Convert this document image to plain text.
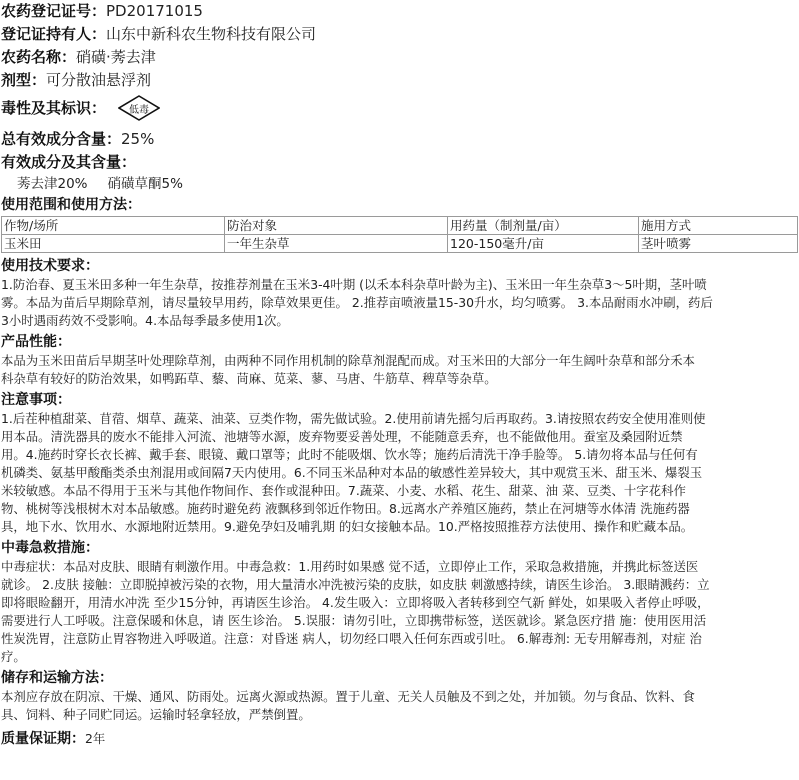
农药登记证号：PD20171015
登记证持有人：山东中新科农生物科技有限公司
农药名称：硝磺·莠去津
剂型：可分散油悬浮剂
毒性及其标识：	低毒
总有效成分含量：25%
有效成分及其含量：
莠去津20% 硝磺草酮5%
使用范围和使用方法：
作物/场所	防治对象	用药量（制剂量/亩）	施用方式
玉米田	一年生杂草	120-150毫升/亩	茎叶喷雾
使用技术要求：
1.防治春、夏玉米田多种一年生杂草，按推荐剂量在玉米3-4叶期 (以禾本科杂草叶龄为主)、玉米田一年生杂草3～5叶期，茎叶喷
雾。本品为苗后早期除草剂，请尽量较早用药，除草效果更佳。 2.推荐亩喷液量15-30升水，均匀喷雾。 3.本品耐雨水冲刷，药后
3小时遇雨药效不受影响。4.本品每季最多使用1次。
产品性能：
本品为玉米田苗后早期茎叶处理除草剂，由两种不同作用机制的除草剂混配而成。对玉米田的大部分一年生阔叶杂草和部分禾本
科杂草有较好的防治效果，如鸭跖草、藜、苘麻、苋菜、蓼、马唐、牛筋草、稗草等杂草。
注意事项：
1.后茬种植甜菜、苜蓿、烟草、蔬菜、油菜、豆类作物，需先做试验。2.使用前请先摇匀后再取药。3.请按照农药安全使用准则使
用本品。清洗器具的废水不能排入河流、池塘等水源，废弃物要妥善处理，不能随意丢弃，也不能做他用。蚕室及桑园附近禁
用。4.施药时穿长衣长裤、戴手套、眼镜、戴口罩等；此时不能吸烟、饮水等；施药后清洗干净手脸等。 5.请勿将本品与任何有
机磷类、氨基甲酸酯类杀虫剂混用或间隔7天内使用。6.不同玉米品种对本品的敏感性差异较大，其中观赏玉米、甜玉米、爆裂玉
米较敏感。本品不得用于玉米与其他作物间作、套作或混种田。7.蔬菜、小麦、水稻、花生、甜菜、油 菜、豆类、十字花科作
物、桃树等浅根树木对本品敏感。施药时避免药 液飘移到邻近作物田。8.远离水产养殖区施药，禁止在河塘等水体清 洗施药器
具，地下水、饮用水、水源地附近禁用。9.避免孕妇及哺乳期 的妇女接触本品。10.严格按照推荐方法使用、操作和贮藏本品。
中毒急救措施：
中毒症状：本品对皮肤、眼睛有刺激作用。中毒急救：1.用药时如果感 觉不适，立即停止工作，采取急救措施，并携此标签送医
就诊。 2.皮肤 接触：立即脱掉被污染的衣物，用大量清水冲洗被污染的皮肤，如皮肤 刺激感持续，请医生诊治。 3.眼睛溅药：立
即将眼睑翻开，用清水冲洗 至少15分钟，再请医生诊治。 4.发生吸入：立即将吸入者转移到空气新 鲜处，如果吸入者停止呼吸，
需要进行人工呼吸。注意保暖和休息，请 医生诊治。 5.误服：请勿引吐，立即携带标签，送医就诊。紧急医疗措 施：使用医用活
性炭洗胃，注意防止胃容物进入呼吸道。注意：对昏迷 病人，切勿经口喂入任何东西或引吐。 6.解毒剂: 无专用解毒剂，对症 治
疗。
储存和运输方法：
本剂应存放在阴凉、干燥、通风、防雨处。远离火源或热源。置于儿童、无关人员触及不到之处，并加锁。勿与食品、饮料、食
具、饲料、种子同贮同运。运输时轻拿轻放，严禁倒置。
质量保证期：2年
